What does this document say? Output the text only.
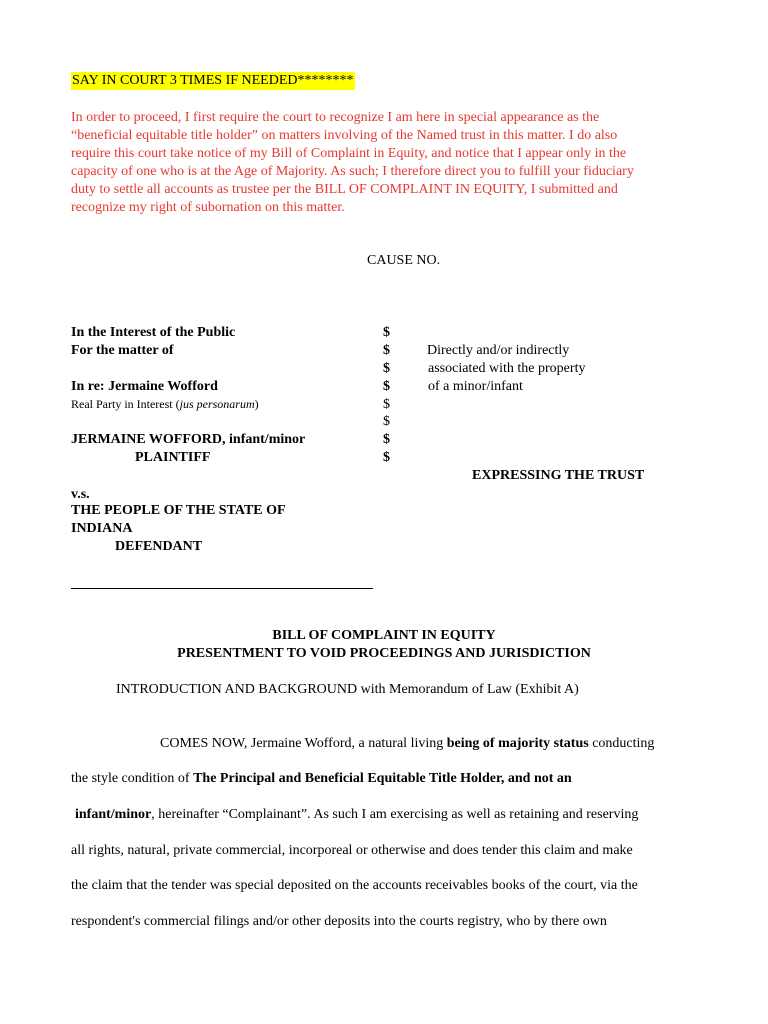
SAY IN COURT 3 TIMES IF NEEDED********

In order to proceed, I first require the court to recognize I am here in special appearance as the

“beneficial equitable title holder” on matters involving of the Named trust in this matter. I do also

require this court take notice of my Bill of Complaint in Equity, and notice that I appear only in the

capacity of one who is at the Age of Majority. As such; I therefore direct you to fulfill your fiduciary

duty to settle all accounts as trustee per the BILL OF COMPLAINT IN EQUITY, I submitted and

recognize my right of subornation on this matter.

CAUSE NO.
In the Interest of the Public
For the matter of
In re: Jermaine Wofford
Real Party in Interest (jus personarum)
JERMAINE WOFFORD, infant/minor
PLAINTIFF
v.s.
THE PEOPLE OF THE STATE OF
INDIANA
DEFENDANT
$
$
$
$
$
$
$
$
Directly and/or indirectly
associated with the property
of a minor/infant
EXPRESSING THE TRUST
BILL OF COMPLAINT IN EQUITY
PRESENTMENT TO VOID PROCEEDINGS AND JURISDICTION
INTRODUCTION AND BACKGROUND with Memorandum of Law (Exhibit A)
COMES NOW, Jermaine Wofford, a natural living being of majority status conducting
the style condition of The Principal and Beneficial Equitable Title Holder, and not an
infant/minor, hereinafter “Complainant”. As such I am exercising as well as retaining and reserving
all rights, natural, private commercial, incorporeal or otherwise and does tender this claim and make
the claim that the tender was special deposited on the accounts receivables books of the court, via the
respondent's commercial filings and/or other deposits into the courts registry, who by there own
